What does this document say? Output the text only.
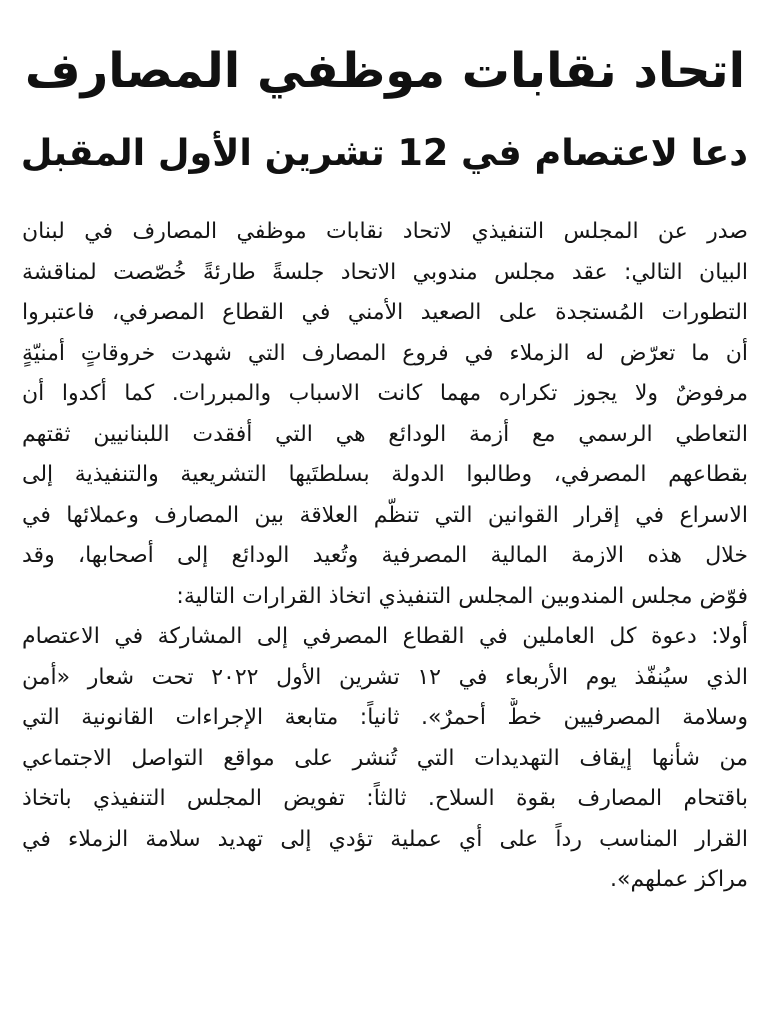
اتحاد نقابات موظفي المصارف
دعا لاعتصام في 12 تشرين الأول المقبل
صدر عن المجلس التنفيذي لاتحاد نقابات موظفي المصارف في لبنان
البيان التالي: عقد مجلس مندوبي الاتحاد جلسةً طارئةً خُصّصت لمناقشة
التطورات المُستجدة على الصعيد الأمني في القطاع المصرفي، فاعتبروا
أن ما تعرّض له الزملاء في فروع المصارف التي شهدت خروقاتٍ أمنيّةٍ
مرفوضٌ ولا يجوز تكراره مهما كانت الاسباب والمبررات. كما أكدوا أن
التعاطي الرسمي مع أزمة الودائع هي التي أفقدت اللبنانيين ثقتهم
بقطاعهم المصرفي، وطالبوا الدولة بسلطتَيها التشريعية والتنفيذية إلى
الاسراع في إقرار القوانين التي تنظّم العلاقة بين المصارف وعملائها في
خلال هذه الازمة المالية المصرفية وتُعيد الودائع إلى أصحابها، وقد
فوّض مجلس المندوبين المجلس التنفيذي اتخاذ القرارات التالية:
أولا: دعوة كل العاملين في القطاع المصرفي إلى المشاركة في الاعتصام
الذي سيُنفّذ يوم الأربعاء في ١٢ تشرين الأول ٢٠٢٢ تحت شعار «أمن
وسلامة المصرفيين خطٌّ أحمرٌ». ثانياً: متابعة الإجراءات القانونية التي
من شأنها إيقاف التهديدات التي تُنشر على مواقع التواصل الاجتماعي
باقتحام المصارف بقوة السلاح. ثالثاً: تفويض المجلس التنفيذي باتخاذ
القرار المناسب رداً على أي عملية تؤدي إلى تهديد سلامة الزملاء في
مراكز عملهم».
